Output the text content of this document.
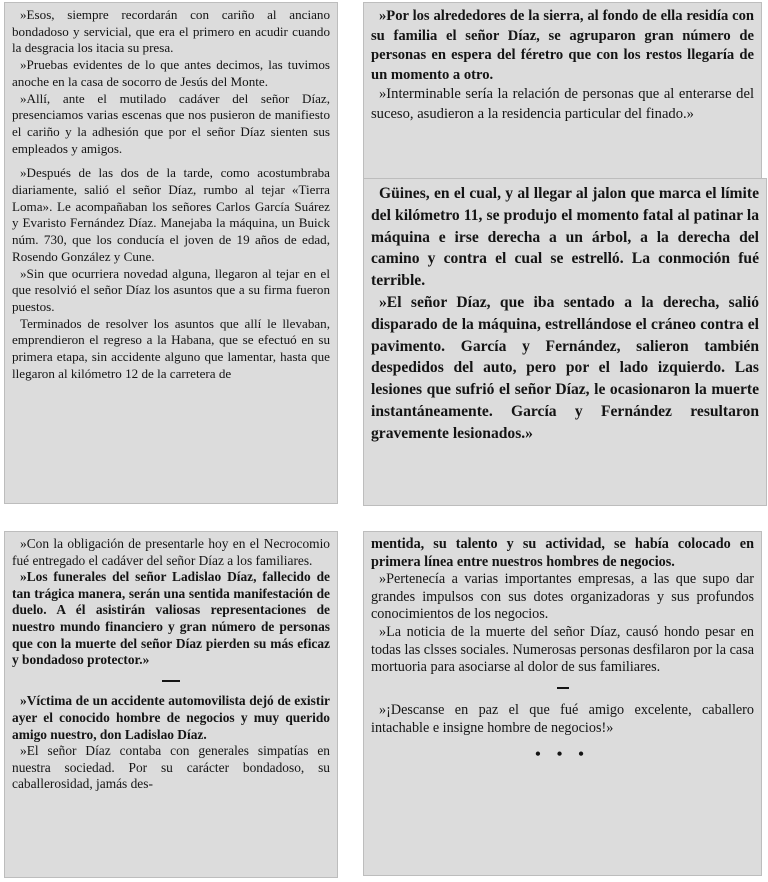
»Esos, siempre recordarán con cariño al anciano bondadoso y servicial, que era el primero en acudir cuando la desgracia los itacia su presa.

»Pruebas evidentes de lo que antes decimos, las tuvimos anoche en la casa de socorro de Jesús del Monte.

»Allí, ante el mutilado cadáver del señor Díaz, presenciamos varias escenas que nos pusieron de manifiesto el cariño y la adhesión que por el señor Díaz sienten sus empleados y amigos.

»Después de las dos de la tarde, como acostumbraba diariamente, salió el señor Díaz, rumbo al tejar «Tierra Loma». Le acompañaban los señores Carlos García Suárez y Evaristo Fernández Díaz. Manejaba la máquina, un Buick núm. 730, que los conducía el joven de 19 años de edad, Rosendo González y Cune.

»Sin que ocurriera novedad alguna, llegaron al tejar en el que resolvió el señor Díaz los asuntos que a su firma fueron puestos.

Terminados de resolver los asuntos que allí le llevaban, emprendieron el regreso a la Habana, que se efectuó en su primera etapa, sin accidente alguno que lamentar, hasta que llegaron al kilómetro 12 de la carretera de

»Por los alrededores de la sierra, al fondo de ella residía con su familia el señor Díaz, se agruparon gran número de personas en espera del féretro que con los restos llegaría de un momento a otro.

»Interminable sería la relación de personas que al enterarse del suceso, asudieron a la residencia particular del finado.»

Güines, en el cual, y al llegar al jalon que marca el límite del kilómetro 11, se produjo el momento fatal al patinar la máquina e irse derecha a un árbol, a la derecha del camino y contra el cual se estrelló. La conmoción fué terrible.

»El señor Díaz, que iba sentado a la derecha, salió disparado de la máquina, estrellándose el cráneo contra el pavimento. García y Fernández, salieron también despedidos del auto, pero por el lado izquierdo. Las lesiones que sufrió el señor Díaz, le ocasionaron la muerte instantáneamente. García y Fernández resultaron gravemente lesionados.»

»Con la obligación de presentarle hoy en el Necrocomio fué entregado el cadáver del señor Díaz a los familiares.

»Los funerales del señor Ladislao Díaz, fallecido de tan trágica manera, serán una sentida manifestación de duelo. A él asistirán valiosas representaciones de nuestro mundo financiero y gran número de personas que con la muerte del señor Díaz pierden su más eficaz y bondadoso protector.»

»Víctima de un accidente automovilista dejó de existir ayer el conocido hombre de negocios y muy querido amigo nuestro, don Ladislao Díaz.

»El señor Díaz contaba con generales simpatías en nuestra sociedad. Por su carácter bondadoso, su caballerosidad, jamás des-

mentida, su talento y su actividad, se había colocado en primera línea entre nuestros hombres de negocios.

»Pertenecía a varias importantes empresas, a las que supo dar grandes impulsos con sus dotes organizadoras y sus profundos conocimientos de los negocios.

»La noticia de la muerte del señor Díaz, causó hondo pesar en todas las clsses sociales. Numerosas personas desfilaron por la casa mortuoria para asociarse al dolor de sus familiares.

»¡Descanse en paz el que fué amigo excelente, caballero intachable e insigne hombre de negocios!»

• • •
